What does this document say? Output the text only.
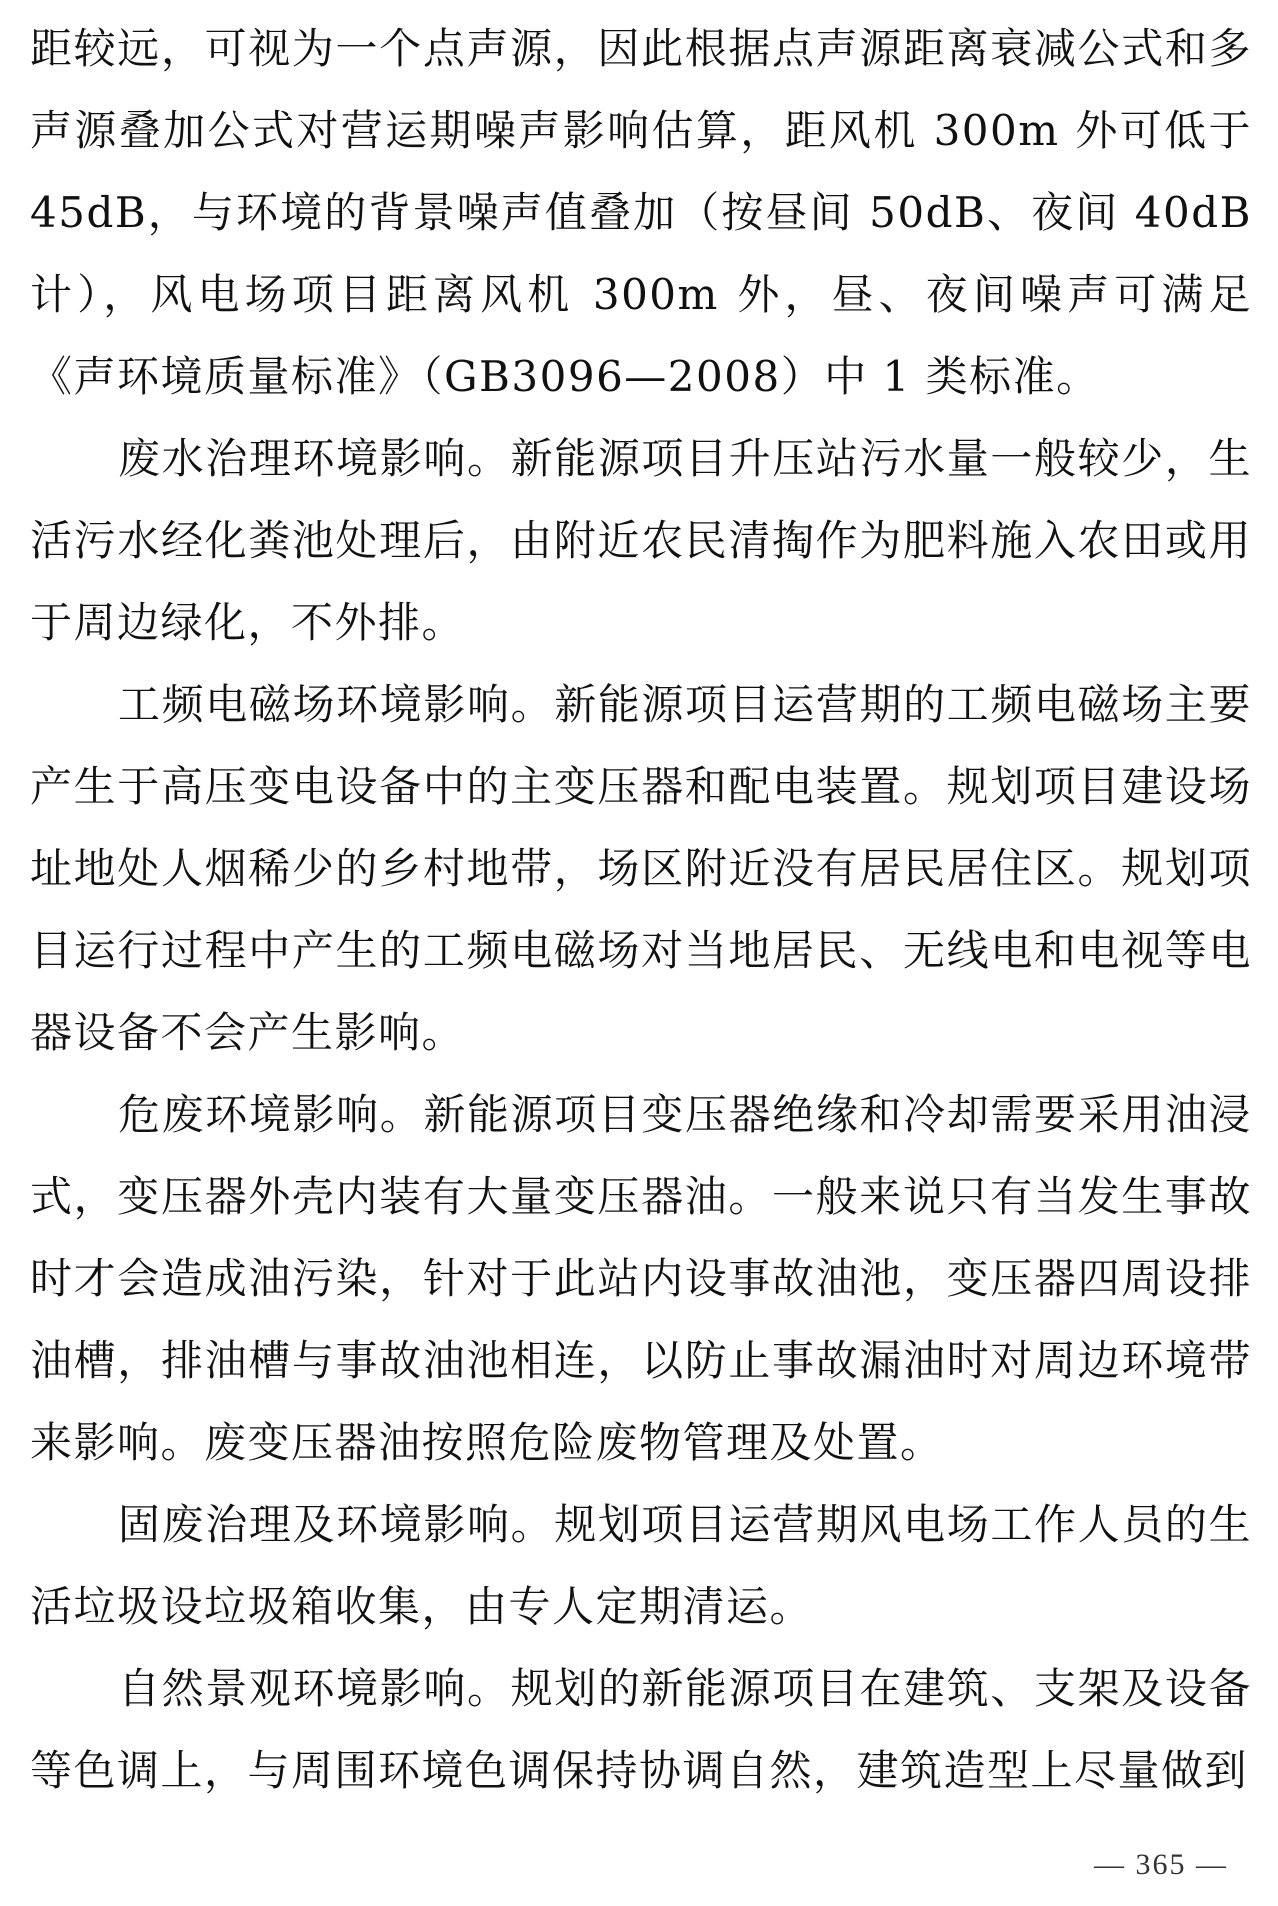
距较远，可视为一个点声源，因此根据点声源距离衰减公式和多声源叠加公式对营运期噪声影响估算，距风机 300m 外可低于 45dB，与环境的背景噪声值叠加（按昼间 50dB、夜间 40dB 计），风电场项目距离风机 300m 外，昼、夜间噪声可满足《声环境质量标准》（GB3096—2008）中 1 类标准。

废水治理环境影响。新能源项目升压站污水量一般较少，生活污水经化粪池处理后，由附近农民清掏作为肥料施入农田或用于周边绿化，不外排。

工频电磁场环境影响。新能源项目运营期的工频电磁场主要产生于高压变电设备中的主变压器和配电装置。规划项目建设场址地处人烟稀少的乡村地带，场区附近没有居民居住区。规划项目运行过程中产生的工频电磁场对当地居民、无线电和电视等电器设备不会产生影响。

危废环境影响。新能源项目变压器绝缘和冷却需要采用油浸式，变压器外壳内装有大量变压器油。一般来说只有当发生事故时才会造成油污染，针对于此站内设事故油池，变压器四周设排油槽，排油槽与事故油池相连，以防止事故漏油时对周边环境带来影响。废变压器油按照危险废物管理及处置。

固废治理及环境影响。规划项目运营期风电场工作人员的生活垃圾设垃圾箱收集，由专人定期清运。

自然景观环境影响。规划的新能源项目在建筑、支架及设备等色调上，与周围环境色调保持协调自然，建筑造型上尽量做到

— 365 —
